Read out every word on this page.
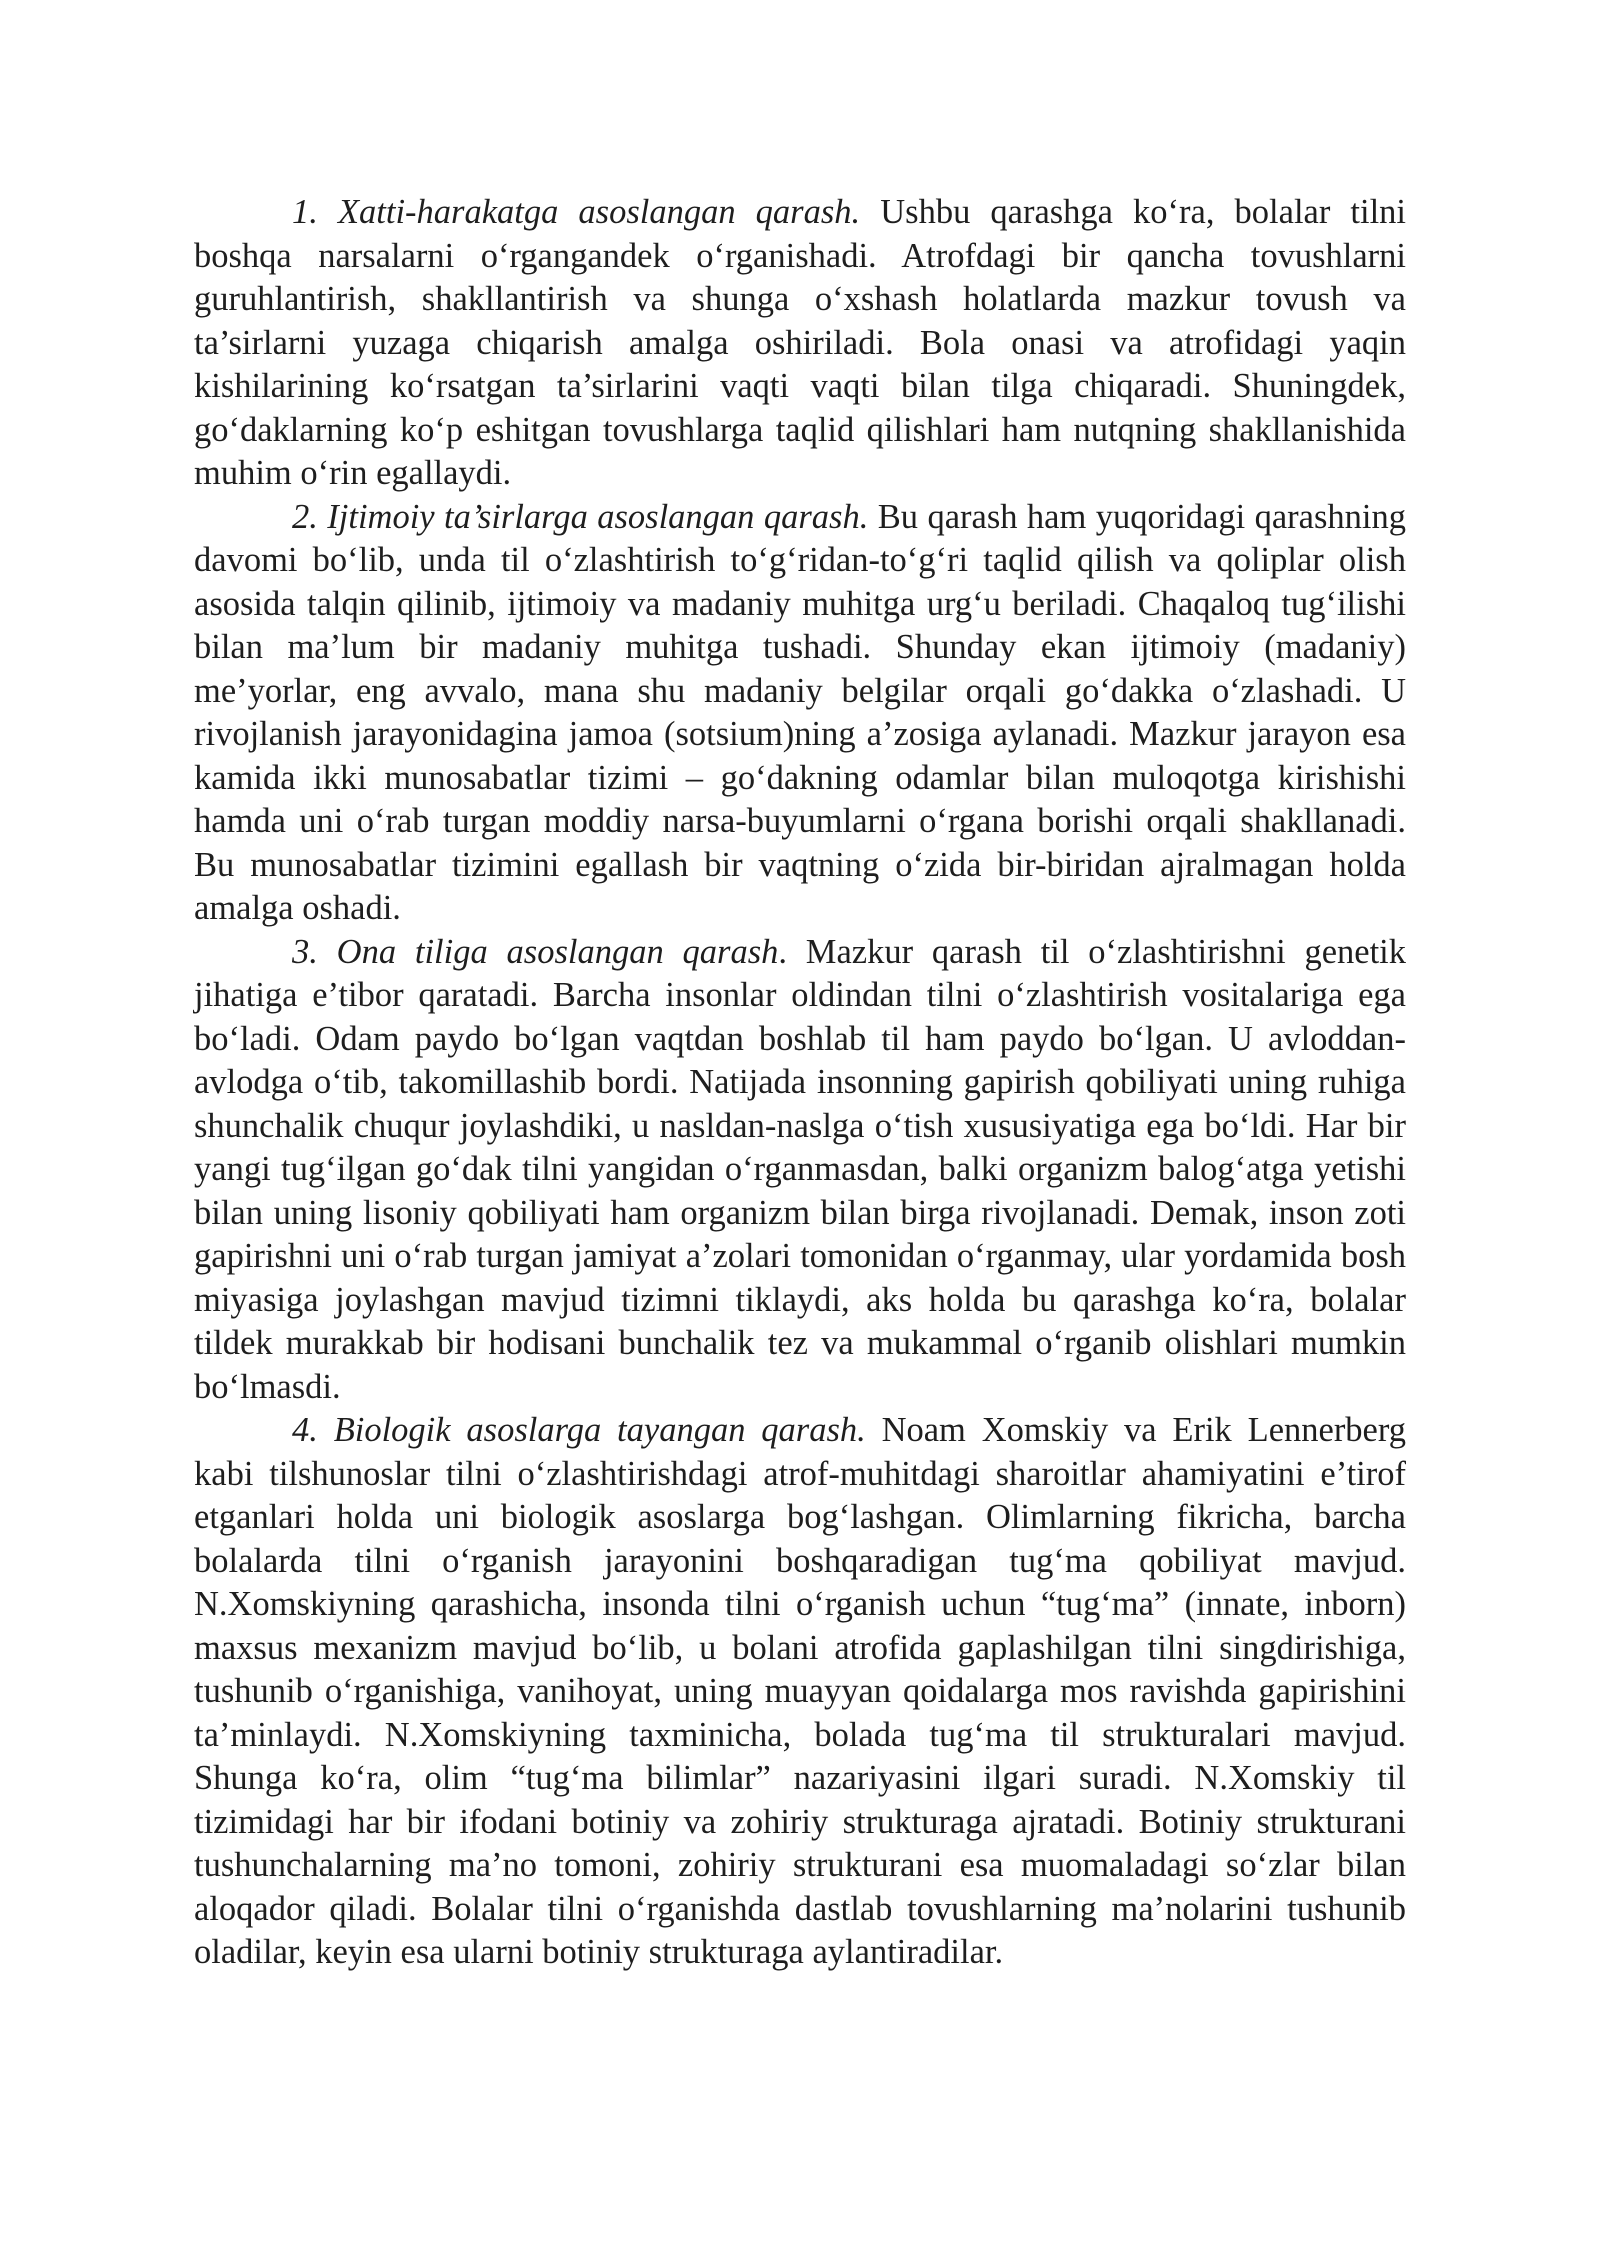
1. Xatti-harakatga asoslangan qarash. Ushbu qarashga ko‘ra, bolalar tilni boshqa narsalarni o‘rgangandek o‘rganishadi. Atrofdagi bir qancha tovushlarni guruhlantirish, shakllantirish va shunga o‘xshash holatlarda mazkur tovush va ta’sirlarni yuzaga chiqarish amalga oshiriladi. Bola onasi va atrofidagi yaqin kishilarining ko‘rsatgan ta’sirlarini vaqti vaqti bilan tilga chiqaradi. Shuningdek, go‘daklarning ko‘p eshitgan tovushlarga taqlid qilishlari ham nutqning shakllanishida muhim o‘rin egallaydi.

2. Ijtimoiy ta’sirlarga asoslangan qarash. Bu qarash ham yuqoridagi qarashning davomi bo‘lib, unda til o‘zlashtirish to‘g‘ridan-to‘g‘ri taqlid qilish va qoliplar olish asosida talqin qilinib, ijtimoiy va madaniy muhitga urg‘u beriladi. Chaqaloq tug‘ilishi bilan ma’lum bir madaniy muhitga tushadi. Shunday ekan ijtimoiy (madaniy) me’yorlar, eng avvalo, mana shu madaniy belgilar orqali go‘dakka o‘zlashadi. U rivojlanish jarayonidagina jamoa (sotsium)ning a’zosiga aylanadi. Mazkur jarayon esa kamida ikki munosabatlar tizimi – go‘dakning odamlar bilan muloqotga kirishishi hamda uni o‘rab turgan moddiy narsa-buyumlarni o‘rgana borishi orqali shakllanadi. Bu munosabatlar tizimini egallash bir vaqtning o‘zida bir-biridan ajralmagan holda amalga oshadi.

3. Ona tiliga asoslangan qarash. Mazkur qarash til o‘zlashtirishni genetik jihatiga e’tibor qaratadi. Barcha insonlar oldindan tilni o‘zlashtirish vositalariga ega bo‘ladi. Odam paydo bo‘lgan vaqtdan boshlab til ham paydo bo‘lgan. U avloddan-avlodga o‘tib, takomillashib bordi. Natijada insonning gapirish qobiliyati uning ruhiga shunchalik chuqur joylashdiki, u nasldan-naslga o‘tish xususiyatiga ega bo‘ldi. Har bir yangi tug‘ilgan go‘dak tilni yangidan o‘rganmasdan, balki organizm balog‘atga yetishi bilan uning lisoniy qobiliyati ham organizm bilan birga rivojlanadi. Demak, inson zoti gapirishni uni o‘rab turgan jamiyat a’zolari tomonidan o‘rganmay, ular yordamida bosh miyasiga joylashgan mavjud tizimni tiklaydi, aks holda bu qarashga ko‘ra, bolalar tildek murakkab bir hodisani bunchalik tez va mukammal o‘rganib olishlari mumkin bo‘lmasdi.

4. Biologik asoslarga tayangan qarash. Noam Xomskiy va Erik Lennerberg kabi tilshunoslar tilni o‘zlashtirishdagi atrof-muhitdagi sharoitlar ahamiyatini e’tirof etganlari holda uni biologik asoslarga bog‘lashgan. Olimlarning fikricha, barcha bolalarda tilni o‘rganish jarayonini boshqaradigan tug‘ma qobiliyat mavjud. N.Xomskiyning qarashicha, insonda tilni o‘rganish uchun “tug‘ma” (innate, inborn) maxsus mexanizm mavjud bo‘lib, u bolani atrofida gaplashilgan tilni singdirishiga, tushunib o‘rganishiga, vanihoyat, uning muayyan qoidalarga mos ravishda gapirishini ta’minlaydi. N.Xomskiyning taxminicha, bolada tug‘ma til strukturalari mavjud. Shunga ko‘ra, olim “tug‘ma bilimlar” nazariyasini ilgari suradi. N.Xomskiy til tizimidagi har bir ifodani botiniy va zohiriy strukturaga ajratadi. Botiniy strukturani tushunchalarning ma’no tomoni, zohiriy strukturani esa muomaladagi so‘zlar bilan aloqador qiladi. Bolalar tilni o‘rganishda dastlab tovushlarning ma’nolarini tushunib oladilar, keyin esa ularni botiniy strukturaga aylantiradilar.
